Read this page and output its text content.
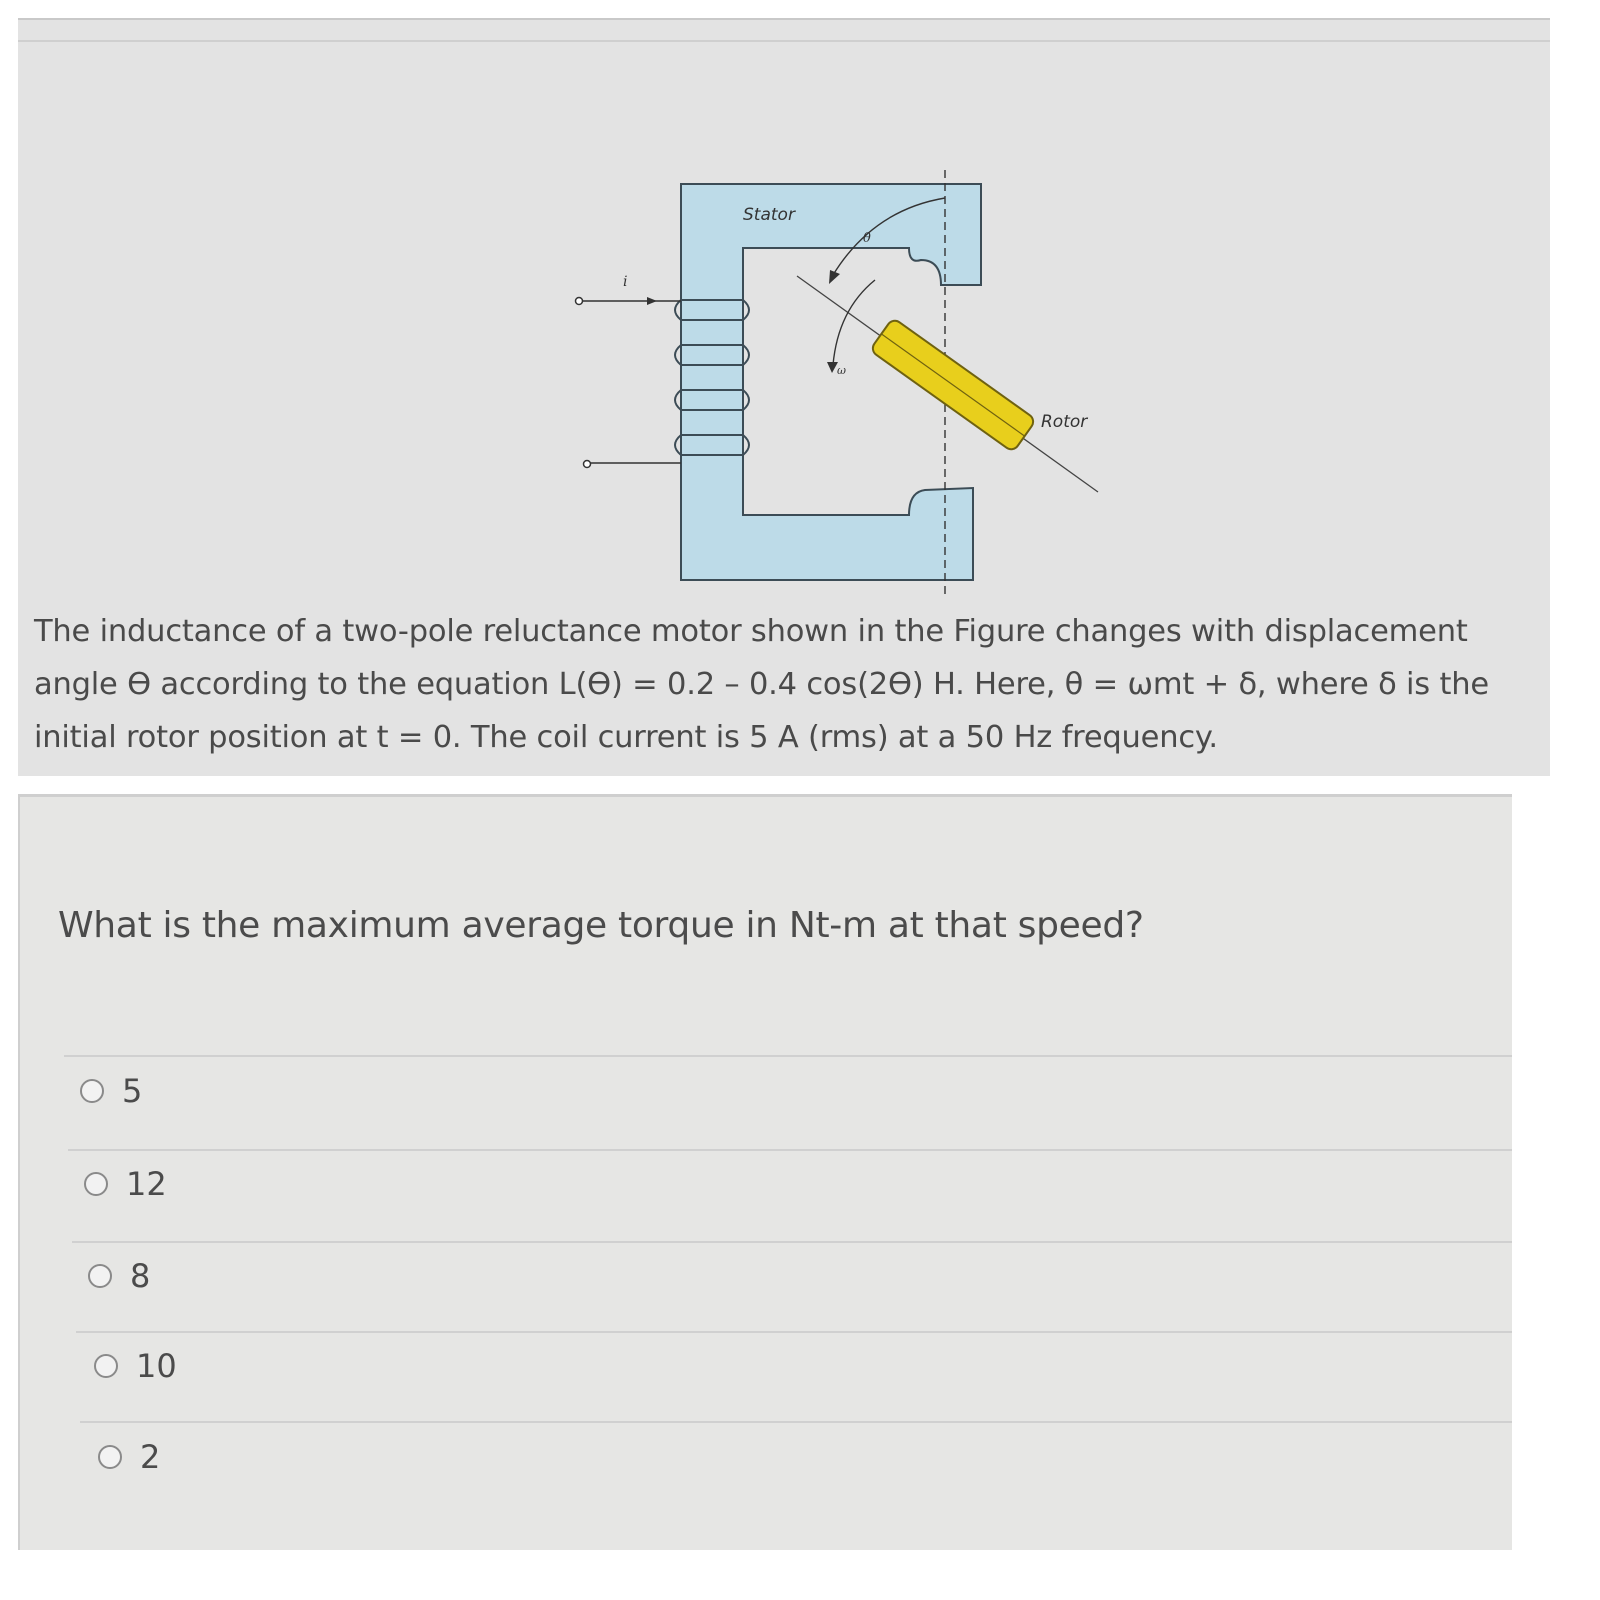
Stator
Rotor
i
θ
ω
The inductance of a two-pole reluctance motor shown in the Figure changes with displacement
angle ϴ according to the equation L(ϴ) = 0.2 – 0.4 cos(2ϴ) H. Here, θ = ωmt + δ, where δ is the
initial rotor position at t = 0. The coil current is 5 A (rms) at a 50 Hz frequency.
What is the maximum average torque in Nt-m at that speed?
5
12
8
10
2
